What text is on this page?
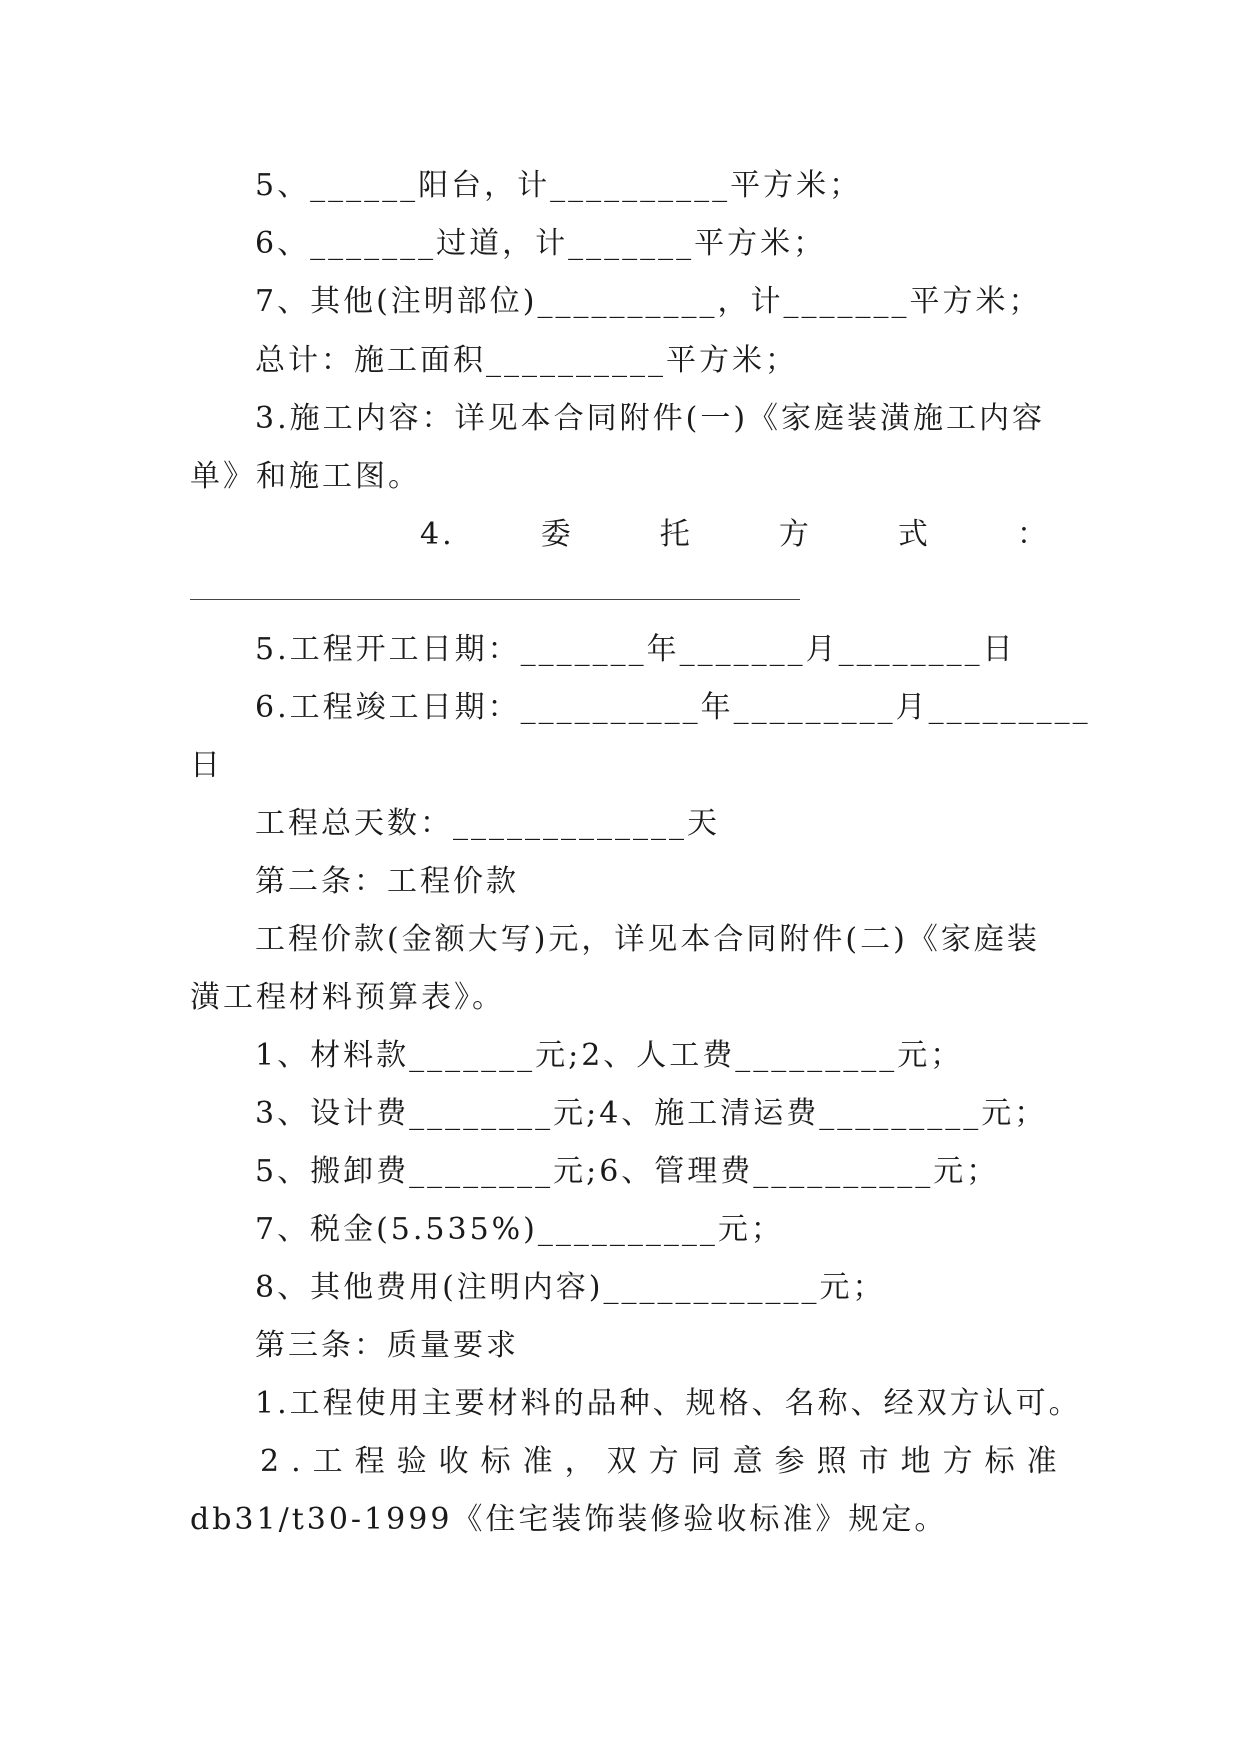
5、______阳台，计__________平方米；
6、_______过道，计_______平方米；
7、其他(注明部位)__________，计_______平方米；
总计：施工面积__________平方米；
3.施工内容：详见本合同附件(一)《家庭装潢施工内容
单》和施工图。
4.	委	托	方	式	：
5.工程开工日期：_______年_______月________日
6.工程竣工日期：__________年_________月_________
日
工程总天数：_____________天
第二条：工程价款
工程价款(金额大写)元，详见本合同附件(二)《家庭装
潢工程材料预算表》。
1、材料款_______元;2、人工费_________元；
3、设计费________元;4、施工清运费_________元；
5、搬卸费________元;6、管理费__________元；
7、税金(5.535%)__________元；
8、其他费用(注明内容)____________元；
第三条：质量要求
1.工程使用主要材料的品种、规格、名称、经双方认可。
2.工程验收标准，双方同意参照市地方标准
db31/t30-1999《住宅装饰装修验收标准》规定。
